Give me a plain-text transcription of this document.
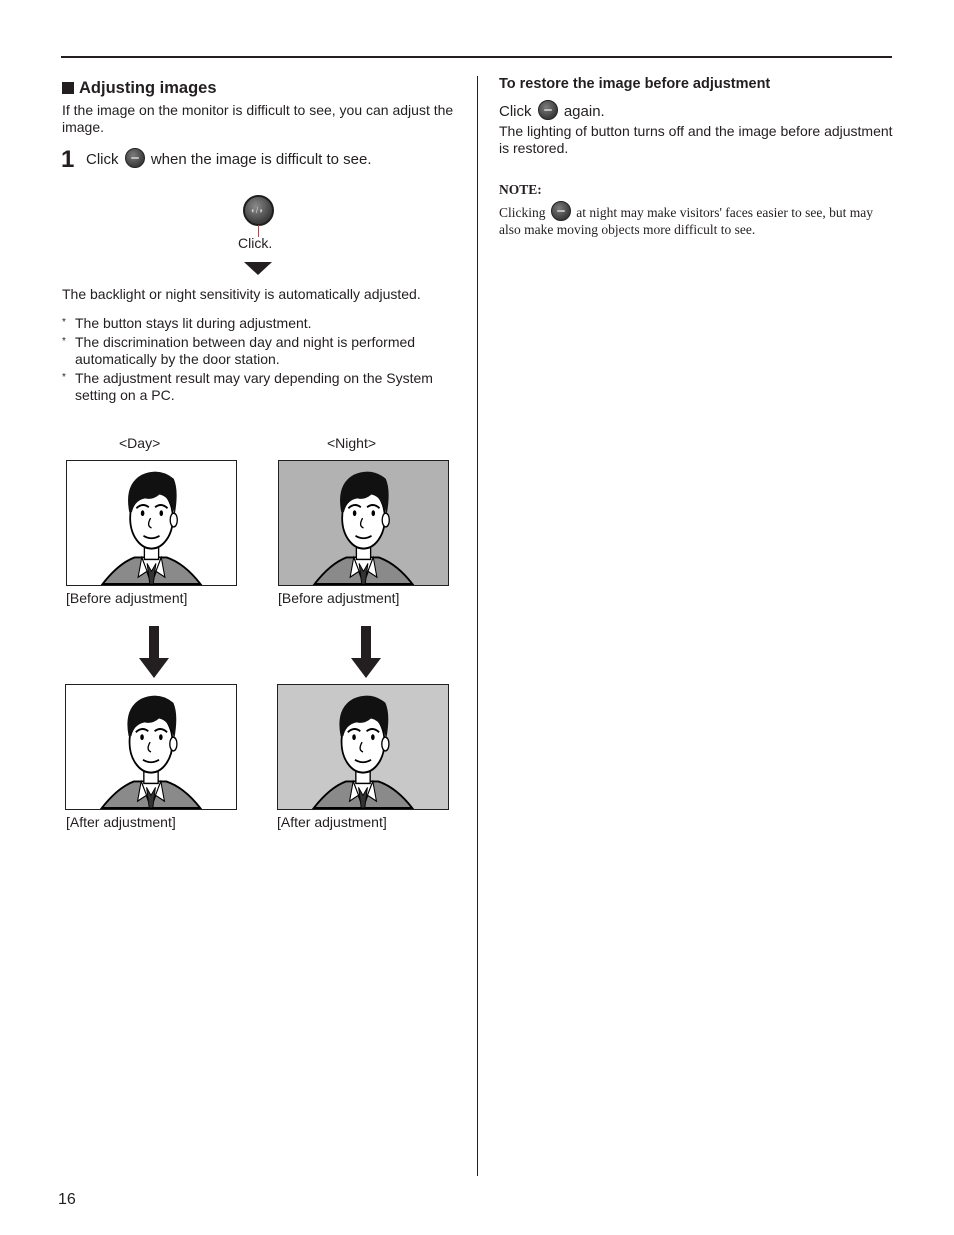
Adjusting images
If the image on the monitor is difficult to see, you can adjust the image.
1 Click when the image is difficult to see.
◐/◑
Click.
The backlight or night sensitivity is automatically adjusted.
* The button stays lit during adjustment.
* The discrimination between day and night is performed automatically by the door station.
* The adjustment result may vary depending on the System setting on a PC.
<Day>	<Night>
[Before adjustment]	[Before adjustment]
[After adjustment]	[After adjustment]
To restore the image before adjustment
Click again.
The lighting of button turns off and the image before adjustment is restored.
NOTE:
Clicking at night may make visitors' faces easier to see, but may also make moving objects more difficult to see.
16
